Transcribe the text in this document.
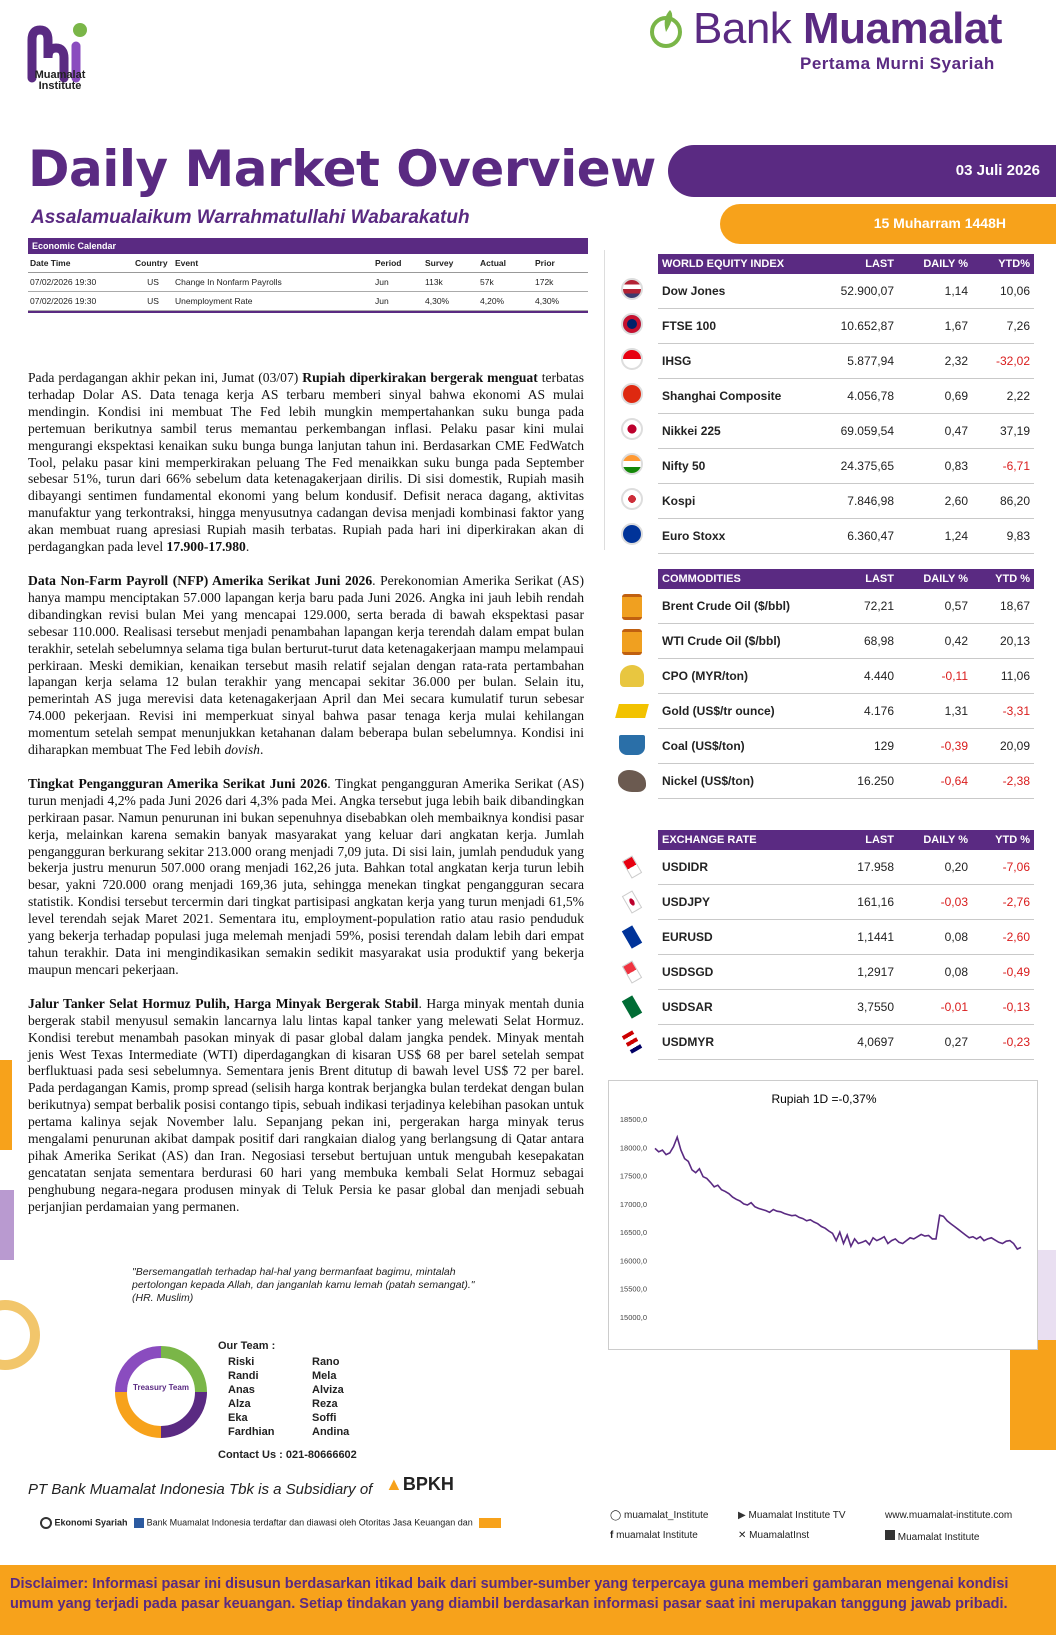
Muamalat Institute
Bank Muamalat
Pertama Murni Syariah
Daily Market Overview
Assalamualaikum Warrahmatullahi Wabarakatuh
03 Juli 2026
15 Muharram 1448H
Economic Calendar
Date Time	Country	Event	Period	Survey	Actual	Prior
07/02/2026 19:30	US	Change In Nonfarm Payrolls	Jun	113k	57k	172k
07/02/2026 19:30	US	Unemployment Rate	Jun	4,30%	4,20%	4,30%

Pada perdagangan akhir pekan ini, Jumat (03/07) Rupiah diperkirakan bergerak menguat terbatas terhadap Dolar AS. Data tenaga kerja AS terbaru memberi sinyal bahwa ekonomi AS mulai mendingin. Kondisi ini membuat The Fed lebih mungkin mempertahankan suku bunga pada pertemuan berikutnya sambil terus memantau perkembangan inflasi. Pelaku pasar kini mulai mengurangi ekspektasi kenaikan suku bunga bunga lanjutan tahun ini. Berdasarkan CME FedWatch Tool, pelaku pasar kini memperkirakan peluang The Fed menaikkan suku bunga pada September sebesar 51%, turun dari 66% sebelum data ketenagakerjaan dirilis. Di sisi domestik, Rupiah masih dibayangi sentimen fundamental ekonomi yang belum kondusif. Defisit neraca dagang, aktivitas manufaktur yang terkontraksi, hingga menyusutnya cadangan devisa menjadi kombinasi faktor yang akan membuat ruang apresiasi Rupiah masih terbatas. Rupiah pada hari ini diperkirakan akan di perdagangkan pada level 17.900-17.980.

Data Non-Farm Payroll (NFP) Amerika Serikat Juni 2026. Perekonomian Amerika Serikat (AS) hanya mampu menciptakan 57.000 lapangan kerja baru pada Juni 2026. Angka ini jauh lebih rendah dibandingkan revisi bulan Mei yang mencapai 129.000, serta berada di bawah ekspektasi pasar sebesar 110.000. Realisasi tersebut menjadi penambahan lapangan kerja terendah dalam empat bulan terakhir, setelah sebelumnya selama tiga bulan berturut-turut data ketenagakerjaan mampu melampaui perkiraan. Meski demikian, kenaikan tersebut masih relatif sejalan dengan rata-rata pertambahan lapangan kerja selama 12 bulan terakhir yang mencapai sekitar 36.000 per bulan. Selain itu, pemerintah AS juga merevisi data ketenagakerjaan April dan Mei secara kumulatif turun sebesar 74.000 pekerjaan. Revisi ini memperkuat sinyal bahwa pasar tenaga kerja mulai kehilangan momentum setelah sempat menunjukkan ketahanan dalam beberapa bulan sebelumnya. Kondisi ini diharapkan membuat The Fed lebih dovish.

Tingkat Pengangguran Amerika Serikat Juni 2026. Tingkat pengangguran Amerika Serikat (AS) turun menjadi 4,2% pada Juni 2026 dari 4,3% pada Mei. Angka tersebut juga lebih baik dibandingkan perkiraan pasar. Namun penurunan ini bukan sepenuhnya disebabkan oleh membaiknya kondisi pasar kerja, melainkan karena semakin banyak masyarakat yang keluar dari angkatan kerja. Jumlah pengangguran berkurang sekitar 213.000 orang menjadi 7,09 juta. Di sisi lain, jumlah penduduk yang bekerja justru menurun 507.000 orang menjadi 162,26 juta. Bahkan total angkatan kerja turun lebih besar, yakni 720.000 orang menjadi 169,36 juta, sehingga menekan tingkat pengangguran secara statistik. Kondisi tersebut tercermin dari tingkat partisipasi angkatan kerja yang turun menjadi 61,5% level terendah sejak Maret 2021. Sementara itu, employment-population ratio atau rasio penduduk yang bekerja terhadap populasi juga melemah menjadi 59%, posisi terendah dalam lebih dari empat tahun terakhir. Data ini mengindikasikan semakin sedikit masyarakat usia produktif yang bekerja maupun mencari pekerjaan.

Jalur Tanker Selat Hormuz Pulih, Harga Minyak Bergerak Stabil. Harga minyak mentah dunia bergerak stabil menyusul semakin lancarnya lalu lintas kapal tanker yang melewati Selat Hormuz. Kondisi terebut menambah pasokan minyak di pasar global dalam jangka pendek. Minyak mentah jenis West Texas Intermediate (WTI) diperdagangkan di kisaran US$ 68 per barel setelah sempat berfluktuasi pada sesi sebelumnya. Sementara jenis Brent ditutup di bawah level US$ 72 per barel. Pada perdagangan Kamis, promp spread (selisih harga kontrak berjangka bulan terdekat dengan bulan berikutnya) sempat berbalik posisi contango tipis, sebuah indikasi terjadinya kelebihan pasokan untuk pertama kalinya sejak November lalu. Sepanjang pekan ini, pergerakan harga minyak terus mengalami penurunan akibat dampak positif dari rangkaian dialog yang berlangsung di Qatar antara pihak Amerika Serikat (AS) dan Iran. Negosiasi tersebut bertujuan untuk mengubah kesepakatan gencatatan senjata sementara berdurasi 60 hari yang membuka kembali Selat Hormuz sebagai penghubung negara-negara produsen minyak di Teluk Persia ke pasar global dan menjadi sebuah perjanjian perdamaian yang permanen.

"Bersemangatlah terhadap hal-hal yang bermanfaat bagimu, mintalah
pertolongan kepada Allah, dan janganlah kamu lemah (patah semangat)."
(HR. Muslim)
Treasury Team
Our Team :
Riski
Randi
Anas
Alza
Eka
Fardhian
Rano
Mela
Alviza
Reza
Soffi
Andina
Contact Us : 021-80666602
PT Bank Muamalat Indonesia Tbk is a Subsidiary of ▲BPKH
Ekonomi Syariah Bank Muamalat Indonesia terdaftar dan diawasi oleh Otoritas Jasa Keuangan dan
◯ muamalat_Institute	▶ Muamalat Institute TV	www.muamalat-institute.com
f muamalat Institute	✕ MuamalatInst	Muamalat Institute
Disclaimer: Informasi pasar ini disusun berdasarkan itikad baik dari sumber-sumber yang terpercaya guna memberi gambaran mengenai kondisi umum yang terjadi pada pasar keuangan. Setiap tindakan yang diambil berdasarkan informasi pasar saat ini merupakan tanggung jawab pribadi.
WORLD EQUITY INDEX	LAST	DAILY %	YTD%
Dow Jones	52.900,07	1,14	10,06
FTSE 100	10.652,87	1,67	7,26
IHSG	5.877,94	2,32	-32,02
Shanghai Composite	4.056,78	0,69	2,22
Nikkei 225	69.059,54	0,47	37,19
Nifty 50	24.375,65	0,83	-6,71
Kospi	7.846,98	2,60	86,20
Euro Stoxx	6.360,47	1,24	9,83
COMMODITIES	LAST	DAILY %	YTD %
Brent Crude Oil ($/bbl)	72,21	0,57	18,67
WTI Crude Oil ($/bbl)	68,98	0,42	20,13
CPO (MYR/ton)	4.440	-0,11	11,06
Gold (US$/tr ounce)	4.176	1,31	-3,31
Coal (US$/ton)	129	-0,39	20,09
Nickel (US$/ton)	16.250	-0,64	-2,38
EXCHANGE RATE	LAST	DAILY %	YTD %
USDIDR	17.958	0,20	-7,06
USDJPY	161,16	-0,03	-2,76
EURUSD	1,1441	0,08	-2,60
USDSGD	1,2917	0,08	-0,49
USDSAR	3,7550	-0,01	-0,13
USDMYR	4,0697	0,27	-0,23
Rupiah 1D =-0,37%
18500,0
18000,0
17500,0
17000,0
16500,0
16000,0
15500,0
15000,0
